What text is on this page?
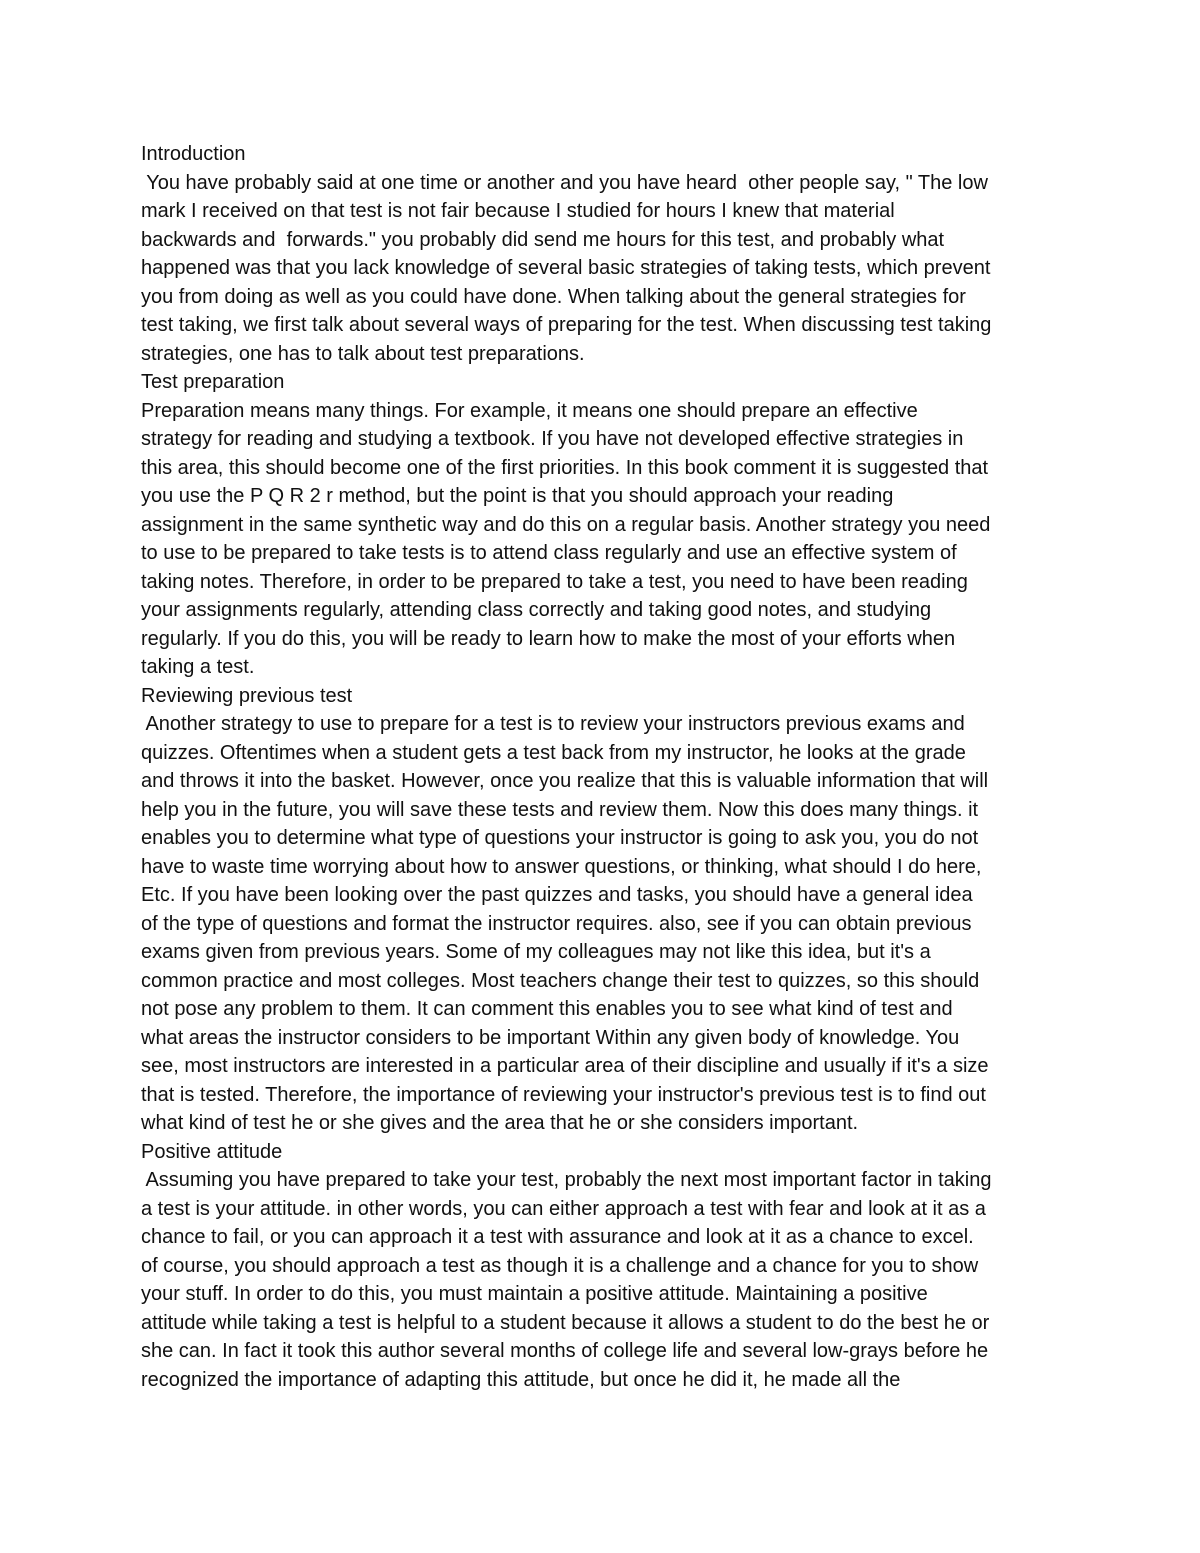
Introduction
You have probably said at one time or another and you have heard  other people say, " The low
mark I received on that test is not fair because I studied for hours I knew that material
backwards and  forwards." you probably did send me hours for this test, and probably what
happened was that you lack knowledge of several basic strategies of taking tests, which prevent
you from doing as well as you could have done. When talking about the general strategies for
test taking, we first talk about several ways of preparing for the test. When discussing test taking
strategies, one has to talk about test preparations.
Test preparation
Preparation means many things. For example, it means one should prepare an effective
strategy for reading and studying a textbook. If you have not developed effective strategies in
this area, this should become one of the first priorities. In this book comment it is suggested that
you use the P Q R 2 r method, but the point is that you should approach your reading
assignment in the same synthetic way and do this on a regular basis. Another strategy you need
to use to be prepared to take tests is to attend class regularly and use an effective system of
taking notes. Therefore, in order to be prepared to take a test, you need to have been reading
your assignments regularly, attending class correctly and taking good notes, and studying
regularly. If you do this, you will be ready to learn how to make the most of your efforts when
taking a test.
Reviewing previous test
Another strategy to use to prepare for a test is to review your instructors previous exams and
quizzes. Oftentimes when a student gets a test back from my instructor, he looks at the grade
and throws it into the basket. However, once you realize that this is valuable information that will
help you in the future, you will save these tests and review them. Now this does many things. it
enables you to determine what type of questions your instructor is going to ask you, you do not
have to waste time worrying about how to answer questions, or thinking, what should I do here,
Etc. If you have been looking over the past quizzes and tasks, you should have a general idea
of the type of questions and format the instructor requires. also, see if you can obtain previous
exams given from previous years. Some of my colleagues may not like this idea, but it's a
common practice and most colleges. Most teachers change their test to quizzes, so this should
not pose any problem to them. It can comment this enables you to see what kind of test and
what areas the instructor considers to be important Within any given body of knowledge. You
see, most instructors are interested in a particular area of their discipline and usually if it's a size
that is tested. Therefore, the importance of reviewing your instructor's previous test is to find out
what kind of test he or she gives and the area that he or she considers important.
Positive attitude
Assuming you have prepared to take your test, probably the next most important factor in taking
a test is your attitude. in other words, you can either approach a test with fear and look at it as a
chance to fail, or you can approach it a test with assurance and look at it as a chance to excel.
of course, you should approach a test as though it is a challenge and a chance for you to show
your stuff. In order to do this, you must maintain a positive attitude. Maintaining a positive
attitude while taking a test is helpful to a student because it allows a student to do the best he or
she can. In fact it took this author several months of college life and several low-grays before he
recognized the importance of adapting this attitude, but once he did it, he made all the
